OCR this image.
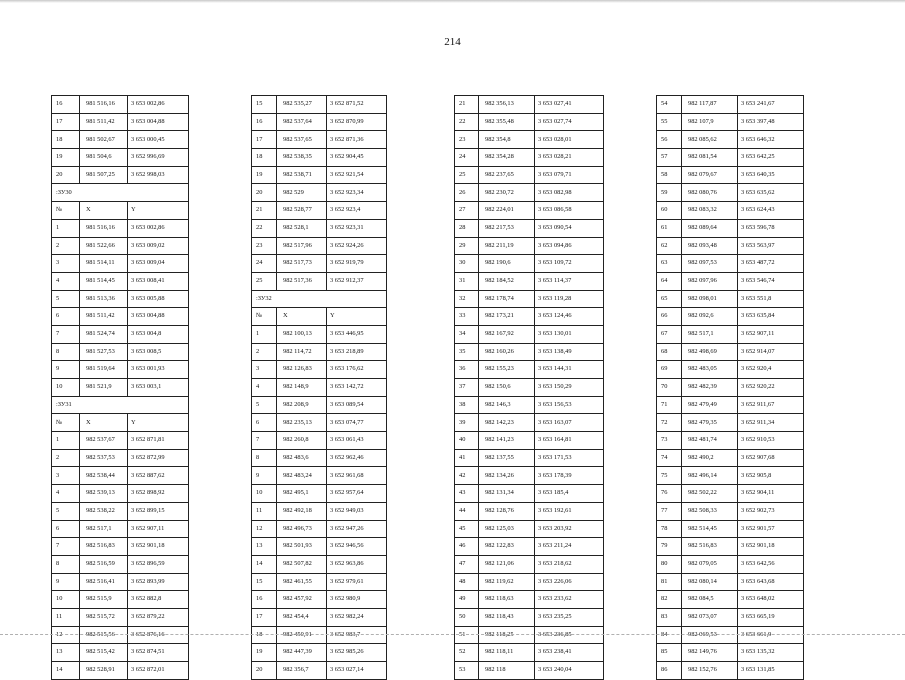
214
16	981 516,16	3 653 002,86
17	981 511,42	3 653 004,88
18	981 502,67	3 653 000,45
19	981 504,6	3 652 996,69
20	981 507,25	3 652 998,03
:ЗУ30		
№	X	Y
1	981 516,16	3 653 002,86
2	981 522,66	3 653 009,02
3	981 514,11	3 653 009,04
4	981 514,45	3 653 008,41
5	981 513,36	3 653 005,88
6	981 511,42	3 653 004,88
7	981 524,74	3 653 004,8
8	981 527,53	3 653 008,5
9	981 519,64	3 653 001,93
10	981 521,9	3 653 003,1
:ЗУ31		
№	X	Y
1	982 537,67	3 652 871,81
2	982 537,53	3 652 872,99
3	982 538,44	3 652 887,62
4	982 539,13	3 652 898,92
5	982 538,22	3 652 899,15
6	982 517,1	3 652 907,11
7	982 516,83	3 652 901,18
8	982 516,59	3 652 896,59
9	982 516,41	3 652 893,99
10	982 515,9	3 652 882,8
11	982 515,72	3 652 879,22
12	982 515,56	3 652 876,16
13	982 515,42	3 652 874,51
14	982 528,91	3 652 872,01
15	982 535,27	3 652 871,52
16	982 537,64	3 652 870,99
17	982 537,65	3 652 871,36
18	982 538,35	3 652 904,45
19	982 538,71	3 652 921,54
20	982 529	3 652 923,34
21	982 528,77	3 652 923,4
22	982 528,1	3 652 923,31
23	982 517,96	3 652 924,26
24	982 517,73	3 652 919,79
25	982 517,36	3 652 912,37
:ЗУ32		
№	X	Y
1	982 100,13	3 653 446,95
2	982 114,72	3 653 218,89
3	982 126,83	3 653 176,62
4	982 148,9	3 653 142,72
5	982 208,9	3 653 089,54
6	982 235,13	3 653 074,77
7	982 260,8	3 653 061,43
8	982 483,6	3 652 962,46
9	982 483,24	3 652 961,68
10	982 495,1	3 652 957,64
11	982 492,18	3 652 949,03
12	982 496,73	3 652 947,26
13	982 501,93	3 652 946,56
14	982 507,82	3 652 963,86
15	982 461,55	3 652 979,61
16	982 457,92	3 652 980,9
17	982 454,4	3 652 982,24
18	982 450,91	3 652 983,7
19	982 447,39	3 652 985,26
20	982 356,7	3 653 027,14
21	982 356,13	3 653 027,41
22	982 355,48	3 653 027,74
23	982 354,8	3 653 028,01
24	982 354,28	3 653 028,21
25	982 237,65	3 653 079,71
26	982 230,72	3 653 082,98
27	982 224,01	3 653 086,58
28	982 217,53	3 653 090,54
29	982 211,19	3 653 094,86
30	982 190,6	3 653 109,72
31	982 184,52	3 653 114,37
32	982 178,74	3 653 119,28
33	982 173,21	3 653 124,46
34	982 167,92	3 653 130,01
35	982 160,26	3 653 138,49
36	982 155,23	3 653 144,31
37	982 150,6	3 653 150,29
38	982 146,3	3 653 156,53
39	982 142,23	3 653 163,07
40	982 141,23	3 653 164,81
41	982 137,55	3 653 171,53
42	982 134,26	3 653 178,39
43	982 131,34	3 653 185,4
44	982 128,76	3 653 192,61
45	982 125,03	3 653 203,92
46	982 122,83	3 653 211,24
47	982 121,06	3 653 218,62
48	982 119,62	3 653 226,06
49	982 118,63	3 653 233,62
50	982 118,43	3 653 235,25
51	982 118,25	3 653 236,85
52	982 118,11	3 653 238,41
53	982 118	3 653 240,04
54	982 117,87	3 653 241,67
55	982 107,9	3 653 397,48
56	982 085,62	3 653 646,32
57	982 081,54	3 653 642,25
58	982 079,67	3 653 640,35
59	982 080,76	3 653 635,62
60	982 083,32	3 653 624,43
61	982 089,64	3 653 596,78
62	982 093,48	3 653 563,97
63	982 097,53	3 653 487,72
64	982 097,96	3 653 546,74
65	982 098,01	3 653 551,8
66	982 092,6	3 653 635,84
67	982 517,1	3 652 907,11
68	982 498,69	3 652 914,07
69	982 483,05	3 652 920,4
70	982 482,39	3 652 920,22
71	982 479,49	3 652 911,67
72	982 479,35	3 652 911,34
73	982 481,74	3 652 910,53
74	982 490,2	3 652 907,68
75	982 496,14	3 652 905,8
76	982 502,22	3 652 904,11
77	982 508,33	3 652 902,73
78	982 514,45	3 652 901,57
79	982 516,83	3 652 901,18
80	982 079,05	3 653 642,56
81	982 080,14	3 653 643,68
82	982 084,5	3 653 648,02
83	982 073,07	3 653 665,19
84	982 069,53	3 653 661,9
85	982 149,76	3 653 135,32
86	982 152,76	3 653 131,85
